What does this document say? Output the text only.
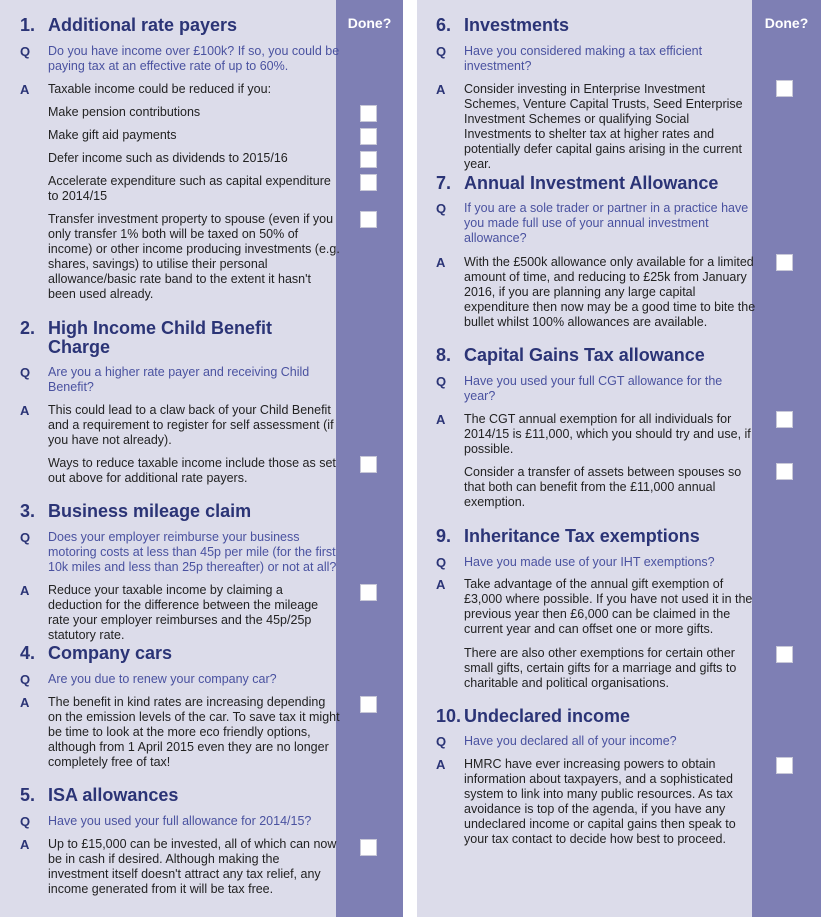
Done?
1. Additional rate payers
Q Do you have income over £100k? If so, you could be paying tax at an effective rate of up to 60%.
A Taxable income could be reduced if you:
Make pension contributions
Make gift aid payments
Defer income such as dividends to 2015/16
Accelerate expenditure such as capital expenditure to 2014/15
Transfer investment property to spouse (even if you only transfer 1% both will be taxed on 50% of income) or other income producing investments (e.g. shares, savings) to utilise their personal allowance/basic rate band to the extent it hasn't been used already.
2. High Income Child Benefit Charge
Q Are you a higher rate payer and receiving Child Benefit?
A This could lead to a claw back of your Child Benefit and a requirement to register for self assessment (if you have not already).
Ways to reduce taxable income include those as set out above for additional rate payers.
3. Business mileage claim
Q Does your employer reimburse your business motoring costs at less than 45p per mile (for the first 10k miles and less than 25p thereafter) or not at all?
A Reduce your taxable income by claiming a deduction for the difference between the mileage rate your employer reimburses and the 45p/25p statutory rate.
4. Company cars
Q Are you due to renew your company car?
A The benefit in kind rates are increasing depending on the emission levels of the car. To save tax it might be time to look at the more eco friendly options, although from 1 April 2015 even they are no longer completely free of tax!
5. ISA allowances
Q Have you used your full allowance for 2014/15?
A Up to £15,000 can be invested, all of which can now be in cash if desired. Although making the investment itself doesn't attract any tax relief, any income generated from it will be tax free.
Done?
6. Investments
Q Have you considered making a tax efficient investment?
A Consider investing in Enterprise Investment Schemes, Venture Capital Trusts, Seed Enterprise Investment Schemes or qualifying Social Investments to shelter tax at higher rates and potentially defer capital gains arising in the current year.
7. Annual Investment Allowance
Q If you are a sole trader or partner in a practice have you made full use of your annual investment allowance?
A With the £500k allowance only available for a limited amount of time, and reducing to £25k from January 2016, if you are planning any large capital expenditure then now may be a good time to bite the bullet whilst 100% allowances are available.
8. Capital Gains Tax allowance
Q Have you used your full CGT allowance for the year?
A The CGT annual exemption for all individuals for 2014/15 is £11,000, which you should try and use, if possible.
Consider a transfer of assets between spouses so that both can benefit from the £11,000 annual exemption.
9. Inheritance Tax exemptions
Q Have you made use of your IHT exemptions?
A Take advantage of the annual gift exemption of £3,000 where possible. If you have not used it in the previous year then £6,000 can be claimed in the current year and can offset one or more gifts.
There are also other exemptions for certain other small gifts, certain gifts for a marriage and gifts to charitable and political organisations.
10. Undeclared income
Q Have you declared all of your income?
A HMRC have ever increasing powers to obtain information about taxpayers, and a sophisticated system to link into many public resources. As tax avoidance is top of the agenda, if you have any undeclared income or capital gains then speak to your tax contact to decide how best to proceed.
